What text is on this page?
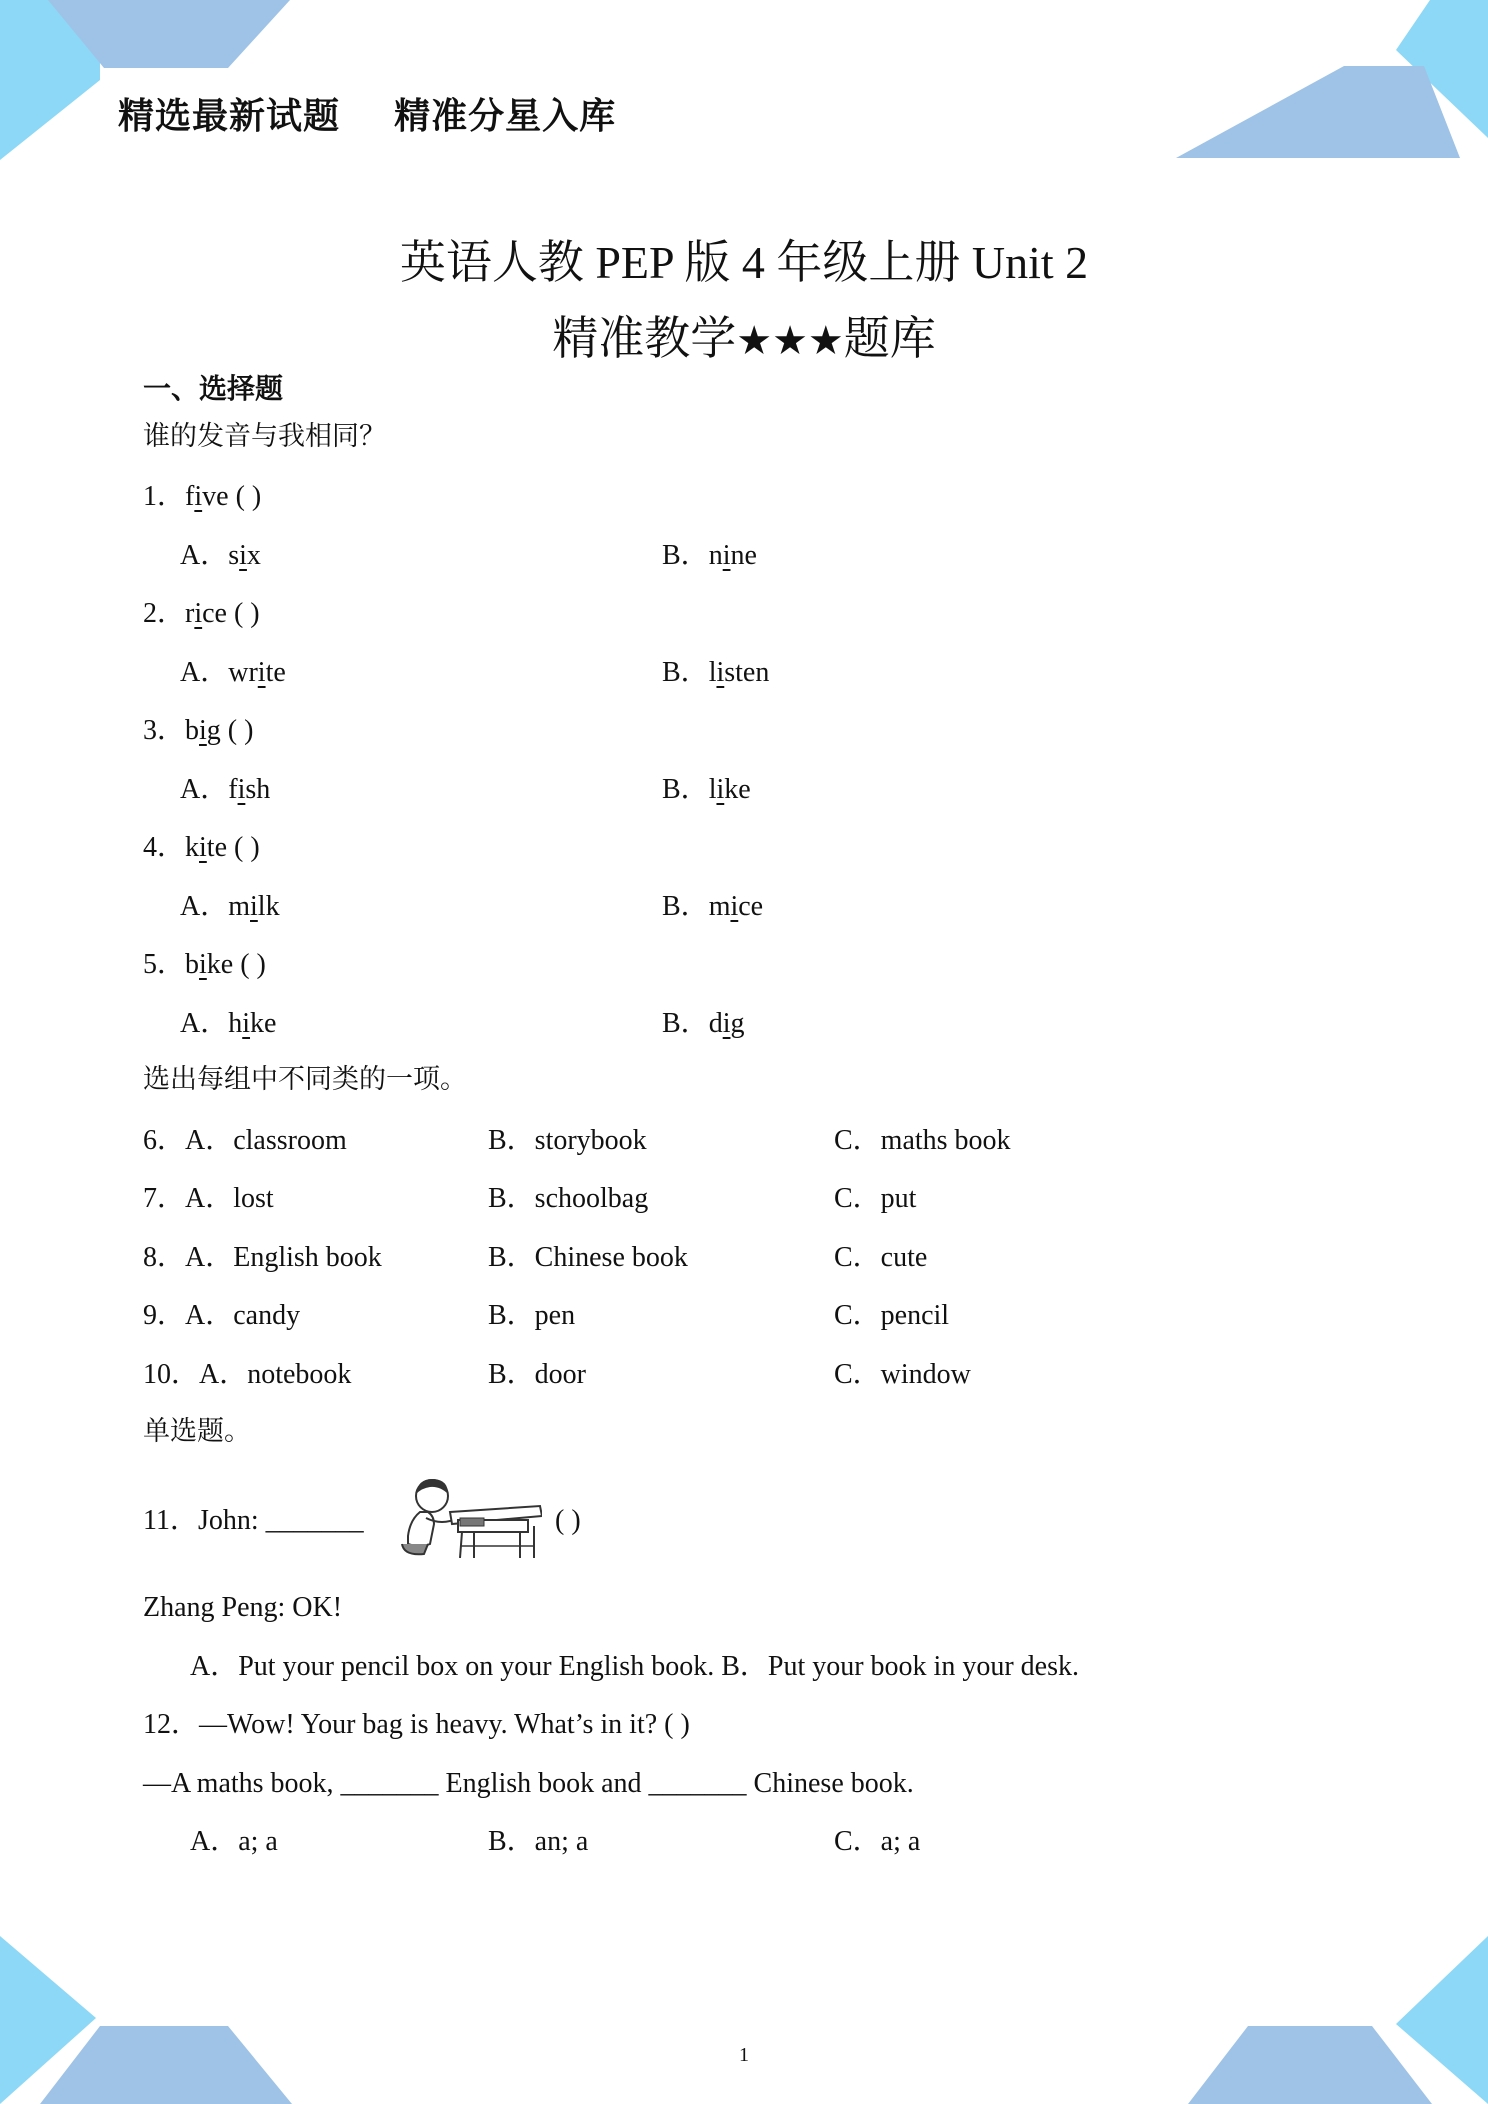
精选最新试题    精准分星入库
英语人教 PEP 版 4 年级上册 Unit 2
精准教学★★★题库
一、选择题
谁的发音与我相同？
1．five ( )
A．six	B．nine
2．rice ( )
A．write	B．listen
3．big ( )
A．fish	B．like
4．kite ( )
A．milk	B．mice
5．bike ( )
A．hike	B．dig
选出每组中不同类的一项。
6．A．classroom	B．storybook	C．maths book
7．A．lost	B．schoolbag	C．put
8．A．English book	B．Chinese book	C．cute
9．A．candy	B．pen	C．pencil
10．A．notebook	B．door	C．window
单选题。
11．John: _______	( )
Zhang Peng: OK!
A．Put your pencil box on your English book. B．Put your book in your desk.
12．—Wow! Your bag is heavy. What’s in it? ( )
—A maths book, _______ English book and _______ Chinese book.
A．a; a	B．an; a	C．a; a
1
